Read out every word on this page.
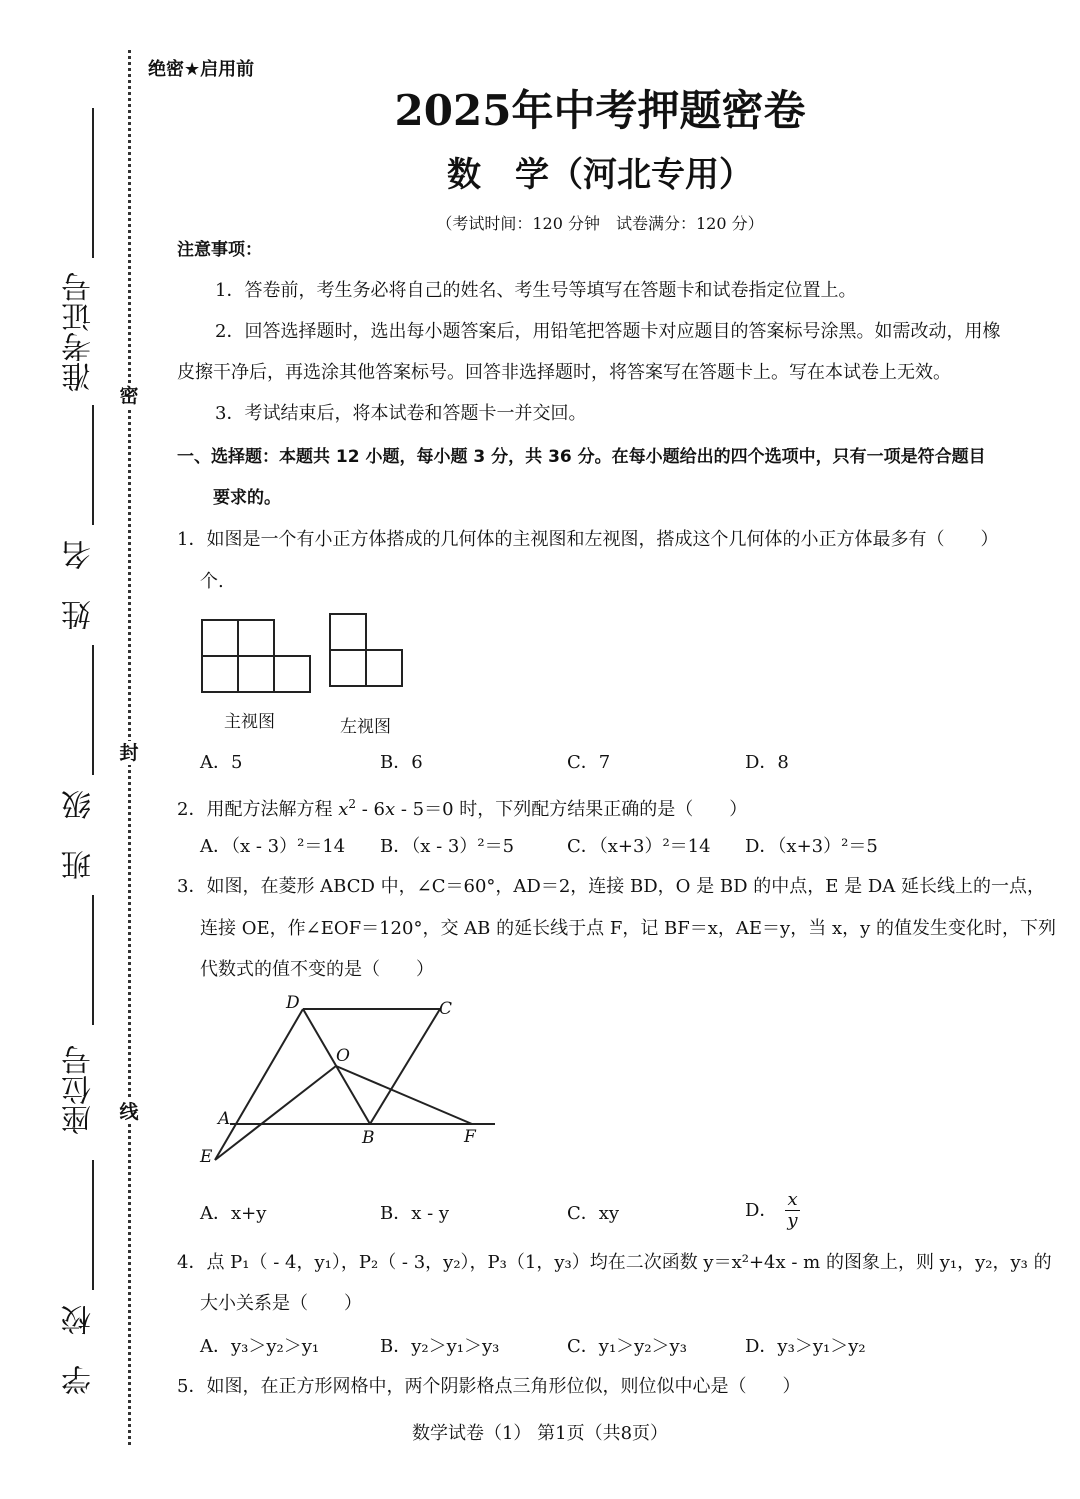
准考证号
姓　名
班　级
座位号
学　校
密
封
线
绝密★启用前
2025年中考押题密卷
数　学（河北专用）
（考试时间：120 分钟　试卷满分：120 分）
注意事项：
1．答卷前，考生务必将自己的姓名、考生号等填写在答题卡和试卷指定位置上。
2．回答选择题时，选出每小题答案后，用铅笔把答题卡对应题目的答案标号涂黑。如需改动，用橡
皮擦干净后，再选涂其他答案标号。回答非选择题时，将答案写在答题卡上。写在本试卷上无效。
3．考试结束后，将本试卷和答题卡一并交回。
一、选择题：本题共 12 小题，每小题 3 分，共 36 分。在每小题给出的四个选项中，只有一项是符合题目
要求的。
1．如图是一个有小正方体搭成的几何体的主视图和左视图，搭成这个几何体的小正方体最多有（　　）
个.
主视图	左视图
A．5	B．6	C．7	D．8
2．用配方法解方程 $x^2 - 6x - 5=0$ 时，下列配方结果正确的是（　　）
A．（x - 3）²＝14 B．（x - 3）²＝5	C．（x+3）²＝14 D．（x+3）²＝5
3．如图，在菱形 ABCD 中，∠C＝60°，AD＝2，连接 BD，O 是 BD 的中点，E 是 DA 延长线上的一点，
连接 OE，作∠EOF＝120°，交 AB 的延长线于点 F，记 BF＝x，AE＝y，当 x，y 的值发生变化时，下列
代数式的值不变的是（　　）
D	C
O
A
B	F
E
A．x+y	B．x - y	C．xy	D． $\frac{x}{y}$
4．点 P₁（ - 4，y₁），P₂（ - 3，y₂），P₃（1，y₃）均在二次函数 y＝x²+4x - m 的图象上，则 y₁，y₂，y₃ 的
大小关系是（　　）
A．y₃＞y₂＞y₁	B．y₂＞y₁＞y₃	C．y₁＞y₂＞y₃	D．y₃＞y₁＞y₂
5．如图，在正方形网格中，两个阴影格点三角形位似，则位似中心是（　　）
数学试卷（1） 第1页（共8页）
